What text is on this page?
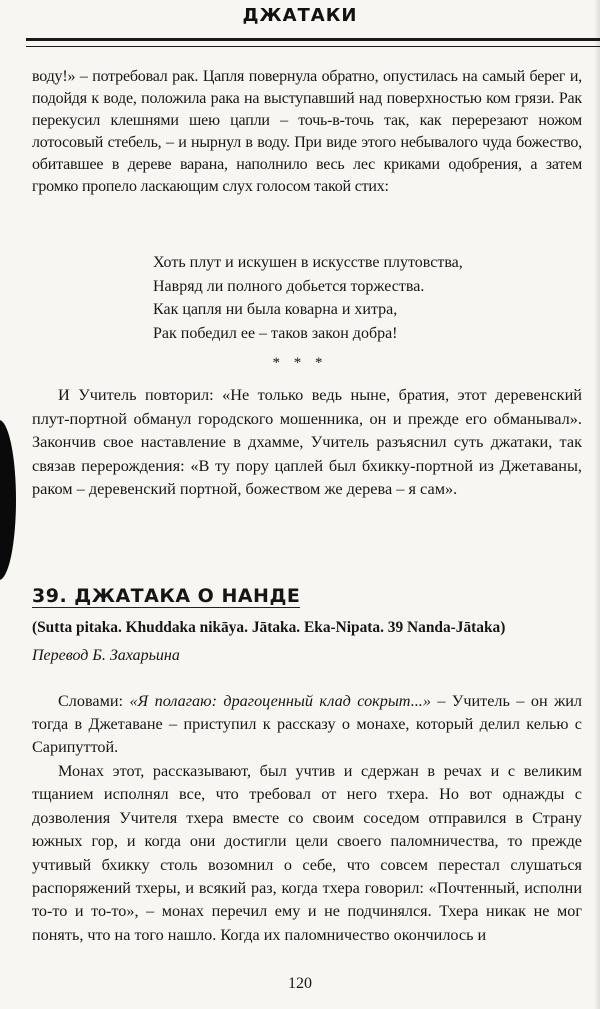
ДЖАТАКИ
воду!» – потребовал рак. Цапля повернула обратно, опустилась на самый берег и, подойдя к воде, положила рака на выступавший над поверхностью ком грязи. Рак перекусил клешнями шею цапли – точь-в-точь так, как перерезают ножом лотосовый стебель, – и нырнул в воду. При виде этого небывалого чуда божество, обитавшее в дереве варана, наполнило весь лес криками одобрения, а затем громко пропело ласкающим слух голосом такой стих:
Хоть плут и искушен в искусстве плутовства,
Навряд ли полного добьется торжества.
Как цапля ни была коварна и хитра,
Рак победил ее – таков закон добра!
* * *
И Учитель повторил: «Не только ведь ныне, братия, этот деревенский плут-портной обманул городского мошенника, он и прежде его обманывал». Закончив свое наставление в дхамме, Учитель разъяснил суть джатаки, так связав перерождения: «В ту пору цаплей был бхикку-портной из Джетаваны, раком – деревенский портной, божеством же дерева – я сам».
39. ДЖАТАКА О НАНДЕ
(Sutta pitaka. Khuddaka nikāya. Jātaka. Eka-Nipata. 39 Nanda-Jātaka)
Перевод Б. Захарьина
Словами: «Я полагаю: драгоценный клад сокрыт...» – Учитель – он жил тогда в Джетаване – приступил к рассказу о монахе, который делил келью с Сарипуттой.
Монах этот, рассказывают, был учтив и сдержан в речах и с великим тщанием исполнял все, что требовал от него тхера. Но вот однажды с дозволения Учителя тхера вместе со своим соседом отправился в Страну южных гор, и когда они достигли цели своего паломничества, то прежде учтивый бхикку столь возомнил о себе, что совсем перестал слушаться распоряжений тхеры, и всякий раз, когда тхера говорил: «Почтенный, исполни то-то и то-то», – монах перечил ему и не подчинялся. Тхера никак не мог понять, что на того нашло. Когда их паломничество окончилось и
120
